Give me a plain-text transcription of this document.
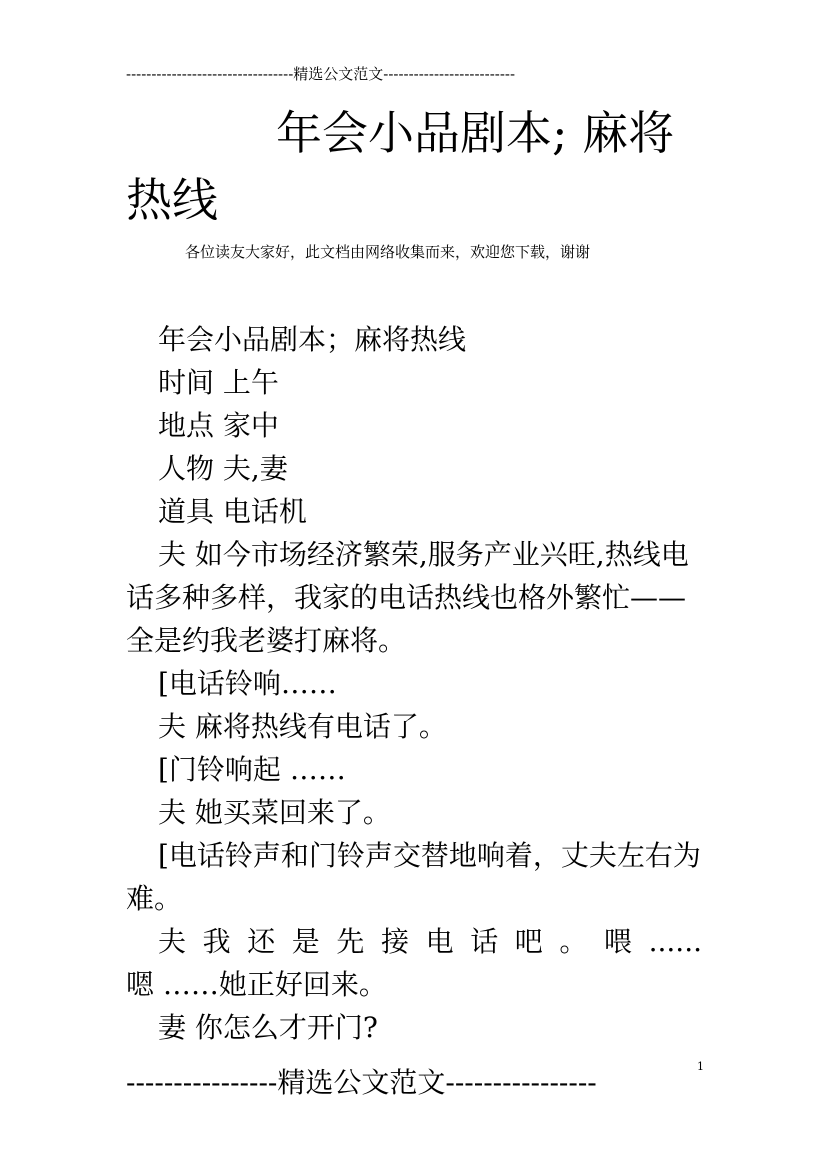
---------------------------------精选公文范文--------------------------
年会小品剧本; 麻将
热线
各位读友大家好，此文档由网络收集而来，欢迎您下载，谢谢

年会小品剧本；麻将热线

时间 上午

地点 家中

人物 夫,妻

道具 电话机

夫 如今市场经济繁荣,服务产业兴旺,热线电话多种多样，我家的电话热线也格外繁忙——全是约我老婆打麻将。

[电话铃响……

夫 麻将热线有电话了。

[门铃响起 ……

夫 她买菜回来了。

[电话铃声和门铃声交替地响着，丈夫左右为难。

夫 我 还 是 先 接 电 话 吧 。 喂 ......

嗯 ……她正好回来。

妻 你怎么才开门?

1
----------------精选公文范文----------------
